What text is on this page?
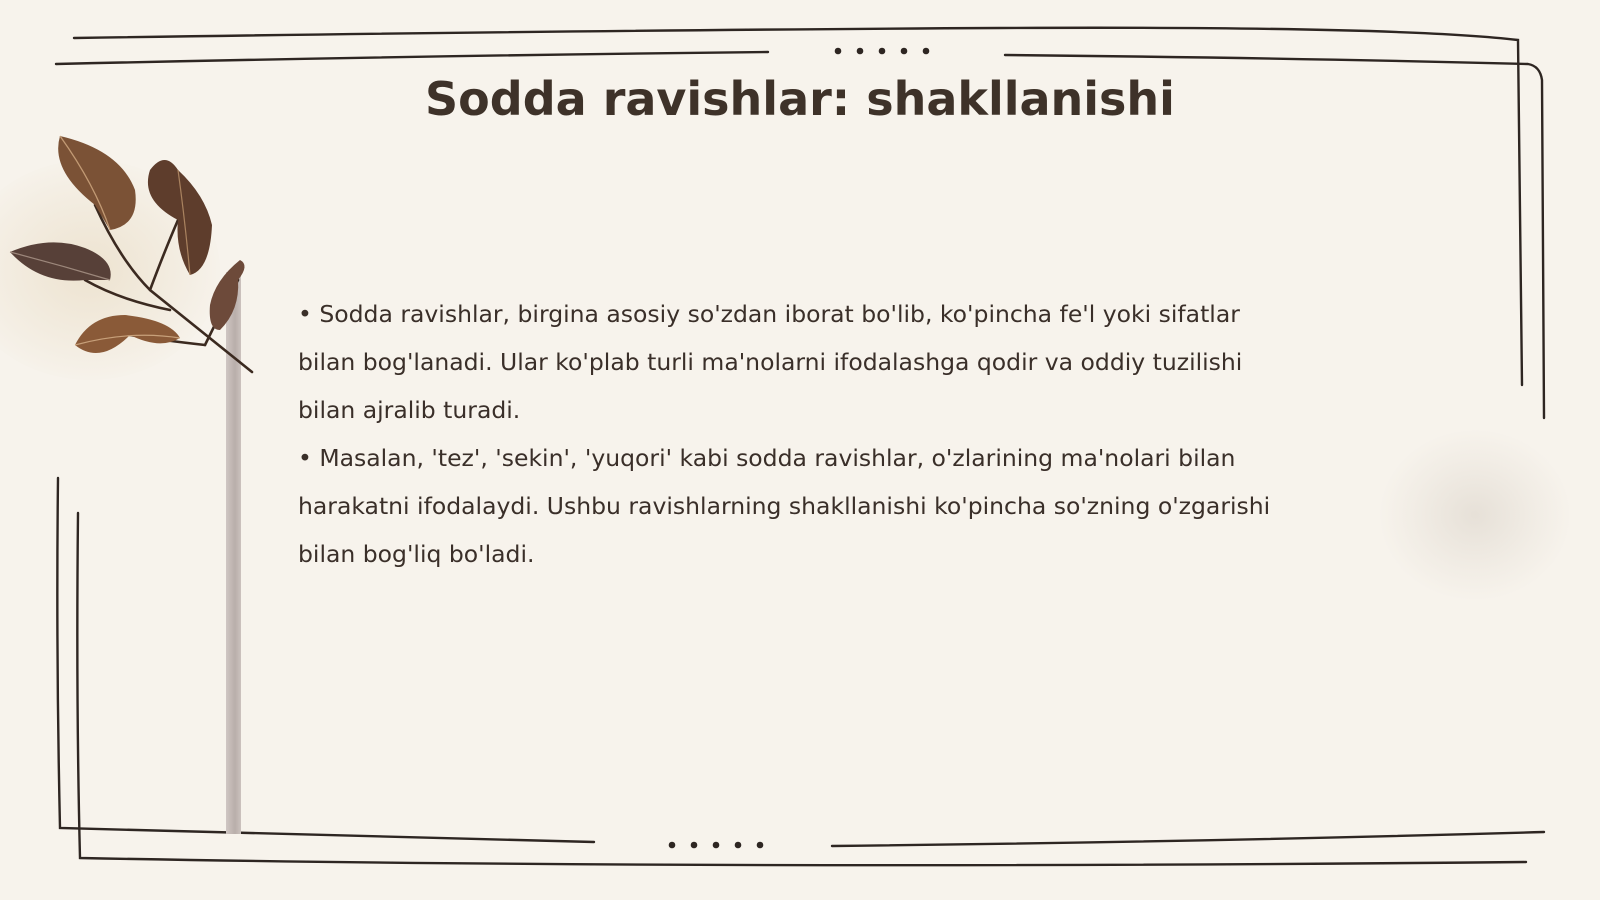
Sodda ravishlar: shakllanishi

• Sodda ravishlar, birgina asosiy so'zdan iborat bo'lib, ko'pincha fe'l yoki sifatlar bilan bog'lanadi. Ular ko'plab turli ma'nolarni ifodalashga qodir va oddiy tuzilishi bilan ajralib turadi.

• Masalan, 'tez', 'sekin', 'yuqori' kabi sodda ravishlar, o'zlarining ma'nolari bilan harakatni ifodalaydi. Ushbu ravishlarning shakllanishi ko'pincha so'zning o'zgarishi bilan bog'liq bo'ladi.
